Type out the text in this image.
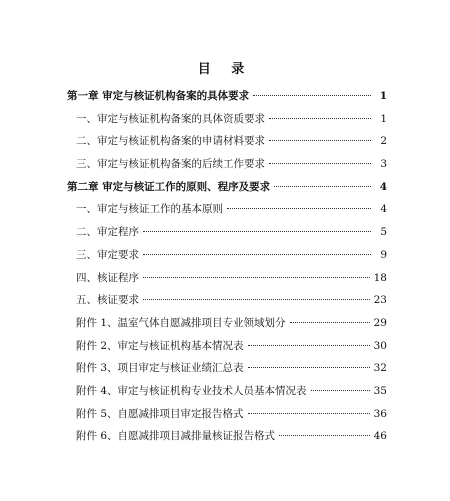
目 录
第一章 审定与核证机构备案的具体要求	1
一、审定与核证机构备案的具体资质要求	1
二、审定与核证机构备案的申请材料要求	2
三、审定与核证机构备案的后续工作要求	3
第二章 审定与核证工作的原则、程序及要求	4
一、审定与核证工作的基本原则	4
二、审定程序	5
三、审定要求	9
四、核证程序	18
五、核证要求	23
附件 1、温室气体自愿减排项目专业领域划分	29
附件 2、审定与核证机构基本情况表	30
附件 3、项目审定与核证业绩汇总表	32
附件 4、审定与核证机构专业技术人员基本情况表	35
附件 5、自愿减排项目审定报告格式	36
附件 6、自愿减排项目减排量核证报告格式	46
